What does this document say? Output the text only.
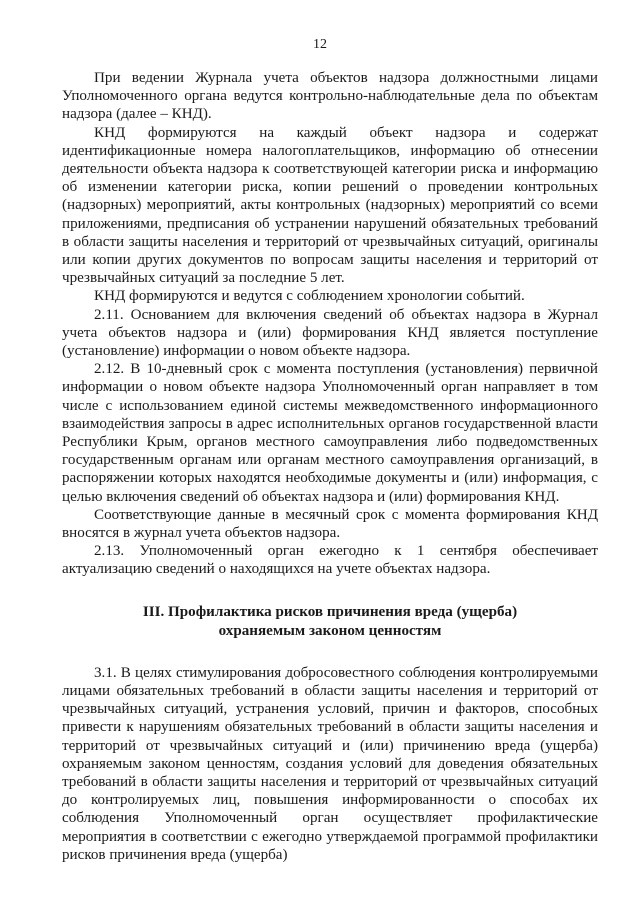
12

При ведении Журнала учета объектов надзора должностными лицами Уполномоченного органа ведутся контрольно-наблюдательные дела по объектам надзора (далее – КНД).

КНД формируются на каждый объект надзора и содержат идентификационные номера налогоплательщиков, информацию об отнесении деятельности объекта надзора к соответствующей категории риска и информацию об изменении категории риска, копии решений о проведении контрольных (надзорных) мероприятий, акты контрольных (надзорных) мероприятий со всеми приложениями, предписания об устранении нарушений обязательных требований в области защиты населения и территорий от чрезвычайных ситуаций, оригиналы или копии других документов по вопросам защиты населения и территорий от чрезвычайных ситуаций за последние 5 лет.

КНД формируются и ведутся с соблюдением хронологии событий.

2.11. Основанием для включения сведений об объектах надзора в Журнал учета объектов надзора и (или) формирования КНД является поступление (установление) информации о новом объекте надзора.

2.12. В 10-дневный срок с момента поступления (установления) первичной информации о новом объекте надзора Уполномоченный орган направляет в том числе с использованием единой системы межведомственного информационного взаимодействия запросы в адрес исполнительных органов государственной власти Республики Крым, органов местного самоуправления либо подведомственных государственным органам или органам местного самоуправления организаций, в распоряжении которых находятся необходимые документы и (или) информация, с целью включения сведений об объектах надзора и (или) формирования КНД.

Соответствующие данные в месячный срок с момента формирования КНД вносятся в журнал учета объектов надзора.

2.13. Уполномоченный орган ежегодно к 1 сентября обеспечивает актуализацию сведений о находящихся на учете объектах надзора.

III. Профилактика рисков причинения вреда (ущерба)
охраняемым законом ценностям

3.1. В целях стимулирования добросовестного соблюдения контролируемыми лицами обязательных требований в области защиты населения и территорий от чрезвычайных ситуаций, устранения условий, причин и факторов, способных привести к нарушениям обязательных требований в области защиты населения и территорий от чрезвычайных ситуаций и (или) причинению вреда (ущерба) охраняемым законом ценностям, создания условий для доведения обязательных требований в области защиты населения и территорий от чрезвычайных ситуаций до контролируемых лиц, повышения информированности о способах их соблюдения Уполномоченный орган осуществляет профилактические мероприятия в соответствии с ежегодно утверждаемой программой профилактики рисков причинения вреда (ущерба)
